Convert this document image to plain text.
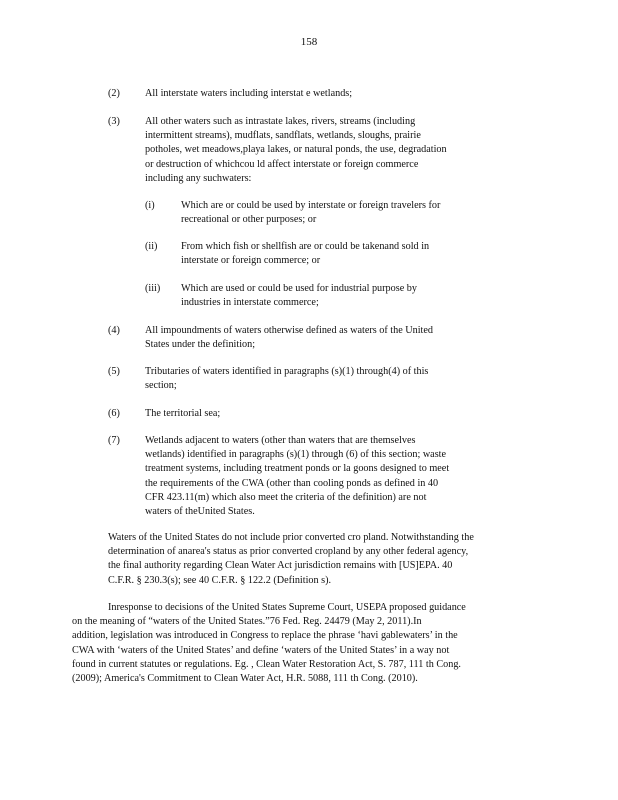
158
(2) All interstate waters including interstat e wetlands;
(3) All other waters such as intrastate lakes, rivers, streams (including
intermittent streams), mudflats, sandflats, wetlands, sloughs, prairie
potholes, wet meadows,playa lakes, or natural ponds, the use, degradation
or destruction of whichcou ld affect interstate or foreign commerce
including any suchwaters:
(i)	Which are or could be used by interstate or foreign travelers for
recreational or other purposes; or
(ii) From which fish or shellfish are or could be takenand sold in
interstate or foreign commerce; or
(iii) Which are used or could be used for industrial purpose by
industries in interstate commerce;
(4) All impoundments of waters otherwise defined as waters of the United
States under the definition;
(5) Tributaries of waters identified in paragraphs (s)(1) through(4) of this
section;
(6) The territorial sea;
(7) Wetlands adjacent to waters (other than waters that are themselves
wetlands) identified in paragraphs (s)(1) through (6) of this section; waste
treatment systems, including treatment ponds or la goons designed to meet
the requirements of the CWA (other than cooling ponds as defined in 40
CFR 423.11(m) which also meet the criteria of the definition) are not
waters of theUnited States.
Waters of the United States do not include prior converted cro pland. Notwithstanding the
determination of anarea's status as prior converted cropland by any other federal agency,
the final authority regarding Clean Water Act jurisdiction remains with [US]EPA. 40
C.F.R. § 230.3(s); see 40 C.F.R. § 122.2 (Definition s).
Inresponse to decisions of the United States Supreme Court, USEPA proposed guidance
on the meaning of “waters of the United States.”76 Fed. Reg. 24479 (May 2, 2011).In
addition, legislation was introduced in Congress to replace the phrase ‘havi gablewaters’ in the
CWA with ‘waters of the United States’ and define ‘waters of the United States’ in a way not
found in current statutes or regulations. Eg. , Clean Water Restoration Act, S. 787, 111 th Cong.
(2009); America's Commitment to Clean Water Act, H.R. 5088, 111 th Cong. (2010).
